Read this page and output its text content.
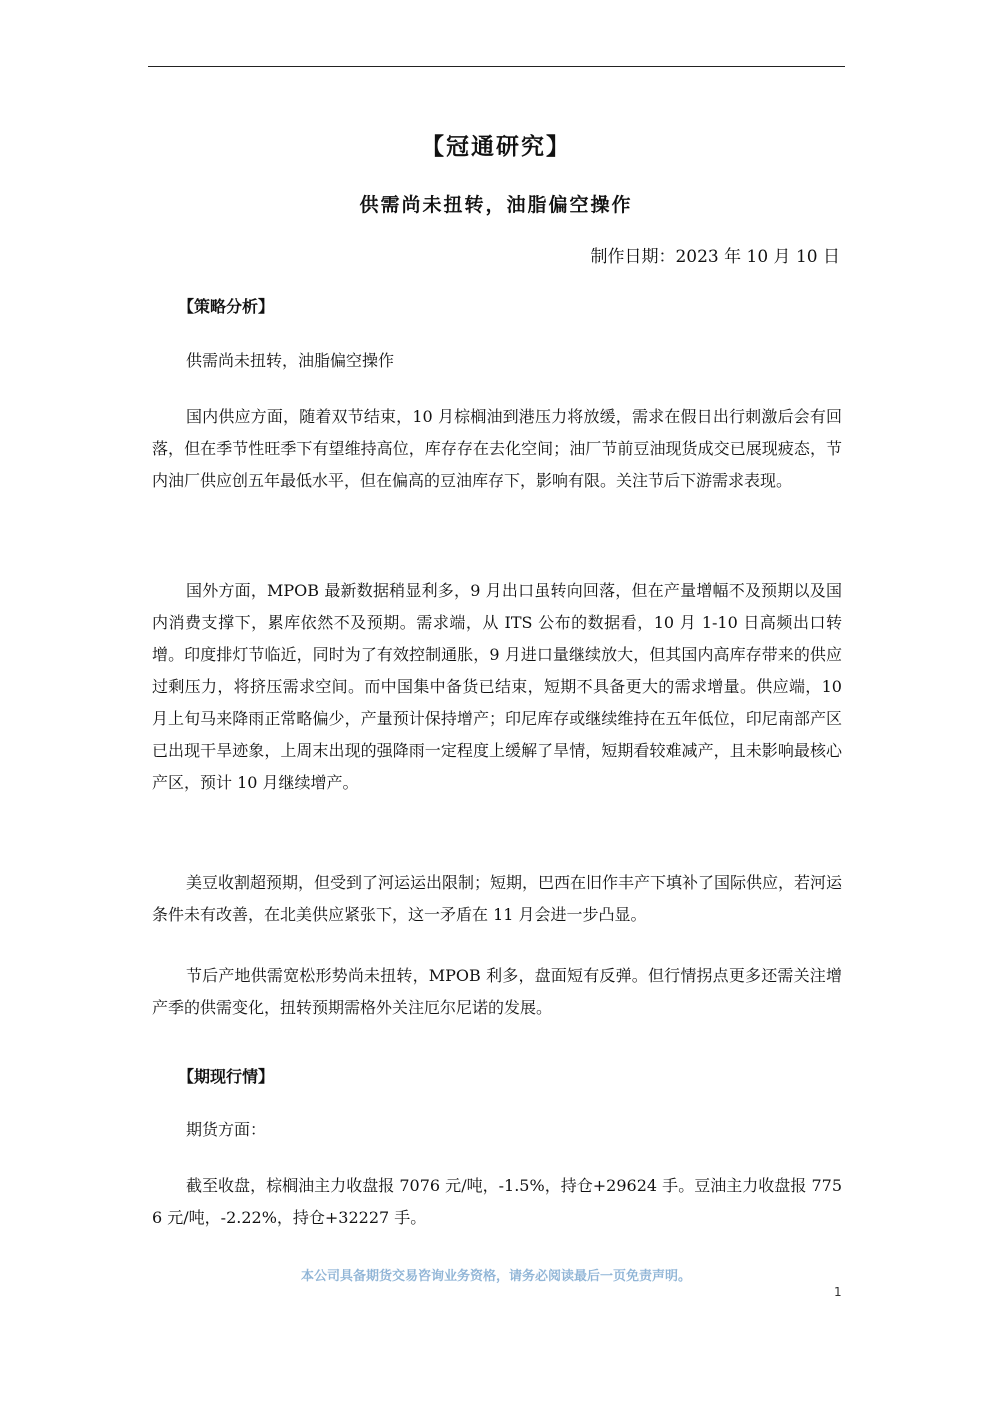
【冠通研究】
供需尚未扭转，油脂偏空操作
制作日期：2023 年 10 月 10 日
【策略分析】

供需尚未扭转，油脂偏空操作

国内供应方面，随着双节结束，10 月棕榈油到港压力将放缓，需求在假日出行刺激后会有回落，但在季节性旺季下有望维持高位，库存存在去化空间；油厂节前豆油现货成交已展现疲态，节内油厂供应创五年最低水平，但在偏高的豆油库存下，影响有限。关注节后下游需求表现。

国外方面，MPOB 最新数据稍显利多，9 月出口虽转向回落，但在产量增幅不及预期以及国内消费支撑下，累库依然不及预期。需求端，从 ITS 公布的数据看，10 月 1-10 日高频出口转增。印度排灯节临近，同时为了有效控制通胀，9 月进口量继续放大，但其国内高库存带来的供应过剩压力，将挤压需求空间。而中国集中备货已结束，短期不具备更大的需求增量。供应端，10 月上旬马来降雨正常略偏少，产量预计保持增产；印尼库存或继续维持在五年低位，印尼南部产区已出现干旱迹象，上周末出现的强降雨一定程度上缓解了旱情，短期看较难减产，且未影响最核心产区，预计 10 月继续增产。

美豆收割超预期，但受到了河运运出限制；短期，巴西在旧作丰产下填补了国际供应，若河运条件未有改善，在北美供应紧张下，这一矛盾在 11 月会进一步凸显。

节后产地供需宽松形势尚未扭转，MPOB 利多，盘面短有反弹。但行情拐点更多还需关注增产季的供需变化，扭转预期需格外关注厄尔尼诺的发展。

【期现行情】

期货方面：

截至收盘，棕榈油主力收盘报 7076 元/吨，-1.5%，持仓+29624 手。豆油主力收盘报 7756 元/吨，-2.22%，持仓+32227 手。

本公司具备期货交易咨询业务资格，请务必阅读最后一页免责声明。

1
